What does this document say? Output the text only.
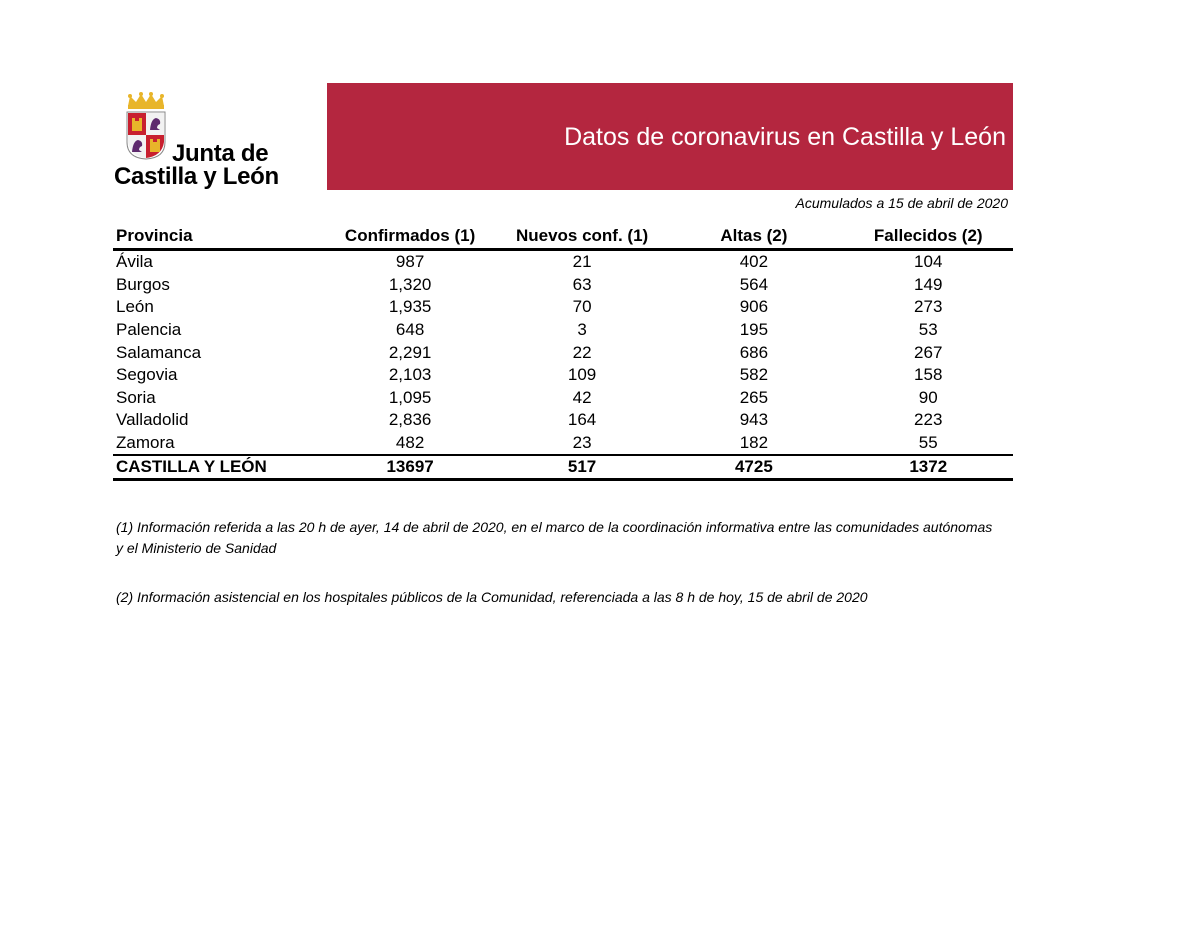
Junta de
Castilla y León
Datos de coronavirus en Castilla y León
Acumulados a 15 de abril de 2020
Provincia	Confirmados (1)	Nuevos conf. (1)	Altas (2)	Fallecidos (2)
Ávila	987	21	402	104
Burgos	1,320	63	564	149
León	1,935	70	906	273
Palencia	648	3	195	53
Salamanca	2,291	22	686	267
Segovia	2,103	109	582	158
Soria	1,095	42	265	90
Valladolid	2,836	164	943	223
Zamora	482	23	182	55
CASTILLA Y LEÓN	13697	517	4725	1372
(1) Información referida a las 20 h de ayer, 14 de abril de 2020, en el marco de la coordinación informativa entre las comunidades autónomas y el Ministerio de Sanidad
(2) Información asistencial en los hospitales públicos de la Comunidad, referenciada a las 8 h de hoy, 15 de abril de 2020
